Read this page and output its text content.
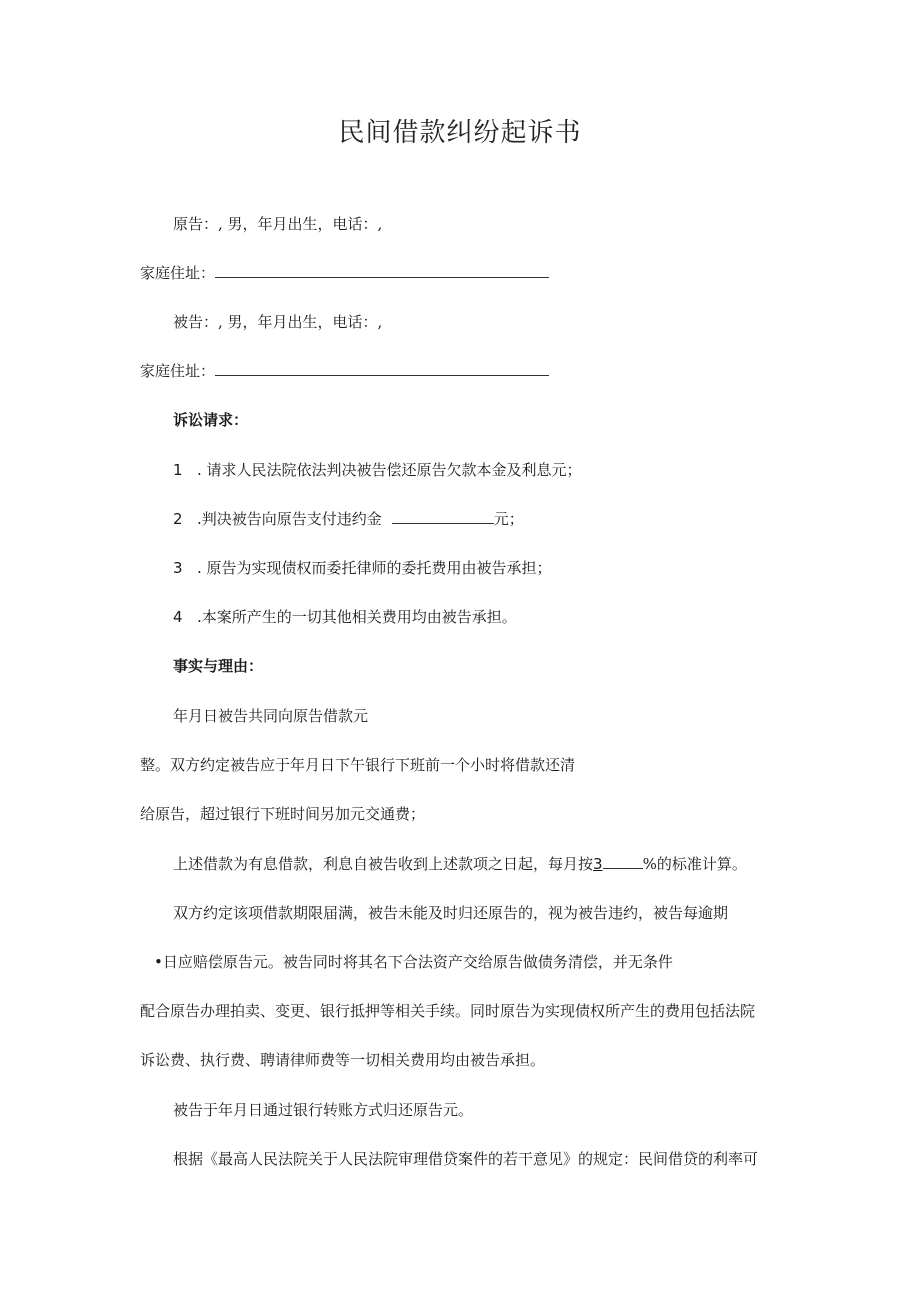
民间借款纠纷起诉书
原告：, 男，年月出生，电话：,
家庭住址：
被告：, 男，年月出生，电话：,
家庭住址：
诉讼请求：
1 . 请求人民法院依法判决被告偿还原告欠款本金及利息元；
2 .判决被告向原告支付违约金	元；
3 . 原告为实现债权而委托律师的委托费用由被告承担；
4 .本案所产生的一切其他相关费用均由被告承担。
事实与理由：
年月日被告共同向原告借款元
整。双方约定被告应于年月日下午银行下班前一个小时将借款还清
给原告，超过银行下班时间另加元交通费；
上述借款为有息借款，利息自被告收到上述款项之日起，每月按3	%的标准计算。
双方约定该项借款期限届满，被告未能及时归还原告的，视为被告违约，被告每逾期
•日应赔偿原告元。被告同时将其名下合法资产交给原告做债务清偿，并无条件
配合原告办理拍卖、变更、银行抵押等相关手续。同时原告为实现债权所产生的费用包括法院
诉讼费、执行费、聘请律师费等一切相关费用均由被告承担。
被告于年月日通过银行转账方式归还原告元。
根据《最高人民法院关于人民法院审理借贷案件的若干意见》的规定：民间借贷的利率可
